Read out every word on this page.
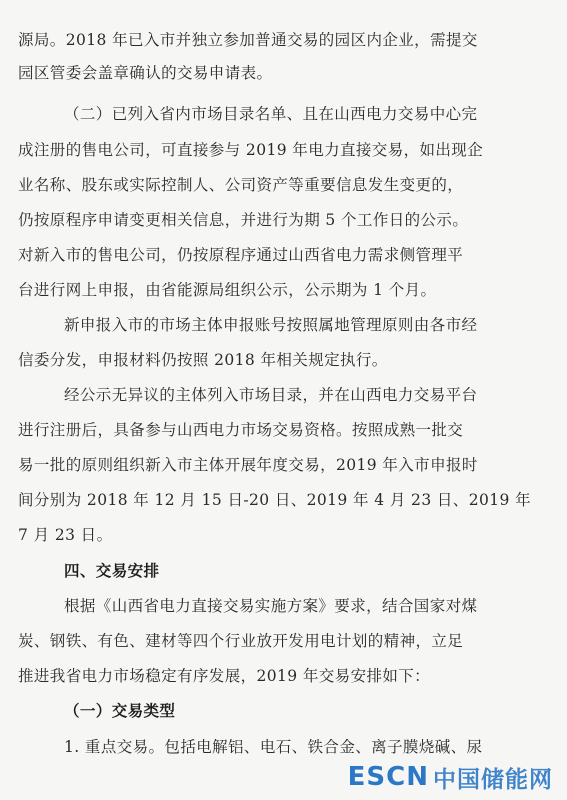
源局。2018 年已入市并独立参加普通交易的园区内企业，需提交
园区管委会盖章确认的交易申请表。
（二）已列入省内市场目录名单、且在山西电力交易中心完
成注册的售电公司，可直接参与 2019 年电力直接交易，如出现企
业名称、股东或实际控制人、公司资产等重要信息发生变更的，
仍按原程序申请变更相关信息，并进行为期 5 个工作日的公示。
对新入市的售电公司，仍按原程序通过山西省电力需求侧管理平
台进行网上申报，由省能源局组织公示，公示期为 1 个月。
新申报入市的市场主体申报账号按照属地管理原则由各市经
信委分发，申报材料仍按照 2018 年相关规定执行。
经公示无异议的主体列入市场目录，并在山西电力交易平台
进行注册后，具备参与山西电力市场交易资格。按照成熟一批交
易一批的原则组织新入市主体开展年度交易，2019 年入市申报时
间分别为 2018 年 12 月 15 日-20 日、2019 年 4 月 23 日、2019 年
7 月 23 日。
四、交易安排
根据《山西省电力直接交易实施方案》要求，结合国家对煤
炭、钢铁、有色、建材等四个行业放开发用电计划的精神，立足
推进我省电力市场稳定有序发展，2019 年交易安排如下：
（一）交易类型
1. 重点交易。包括电解铝、电石、铁合金、离子膜烧碱、尿
ESCN 中国储能网
